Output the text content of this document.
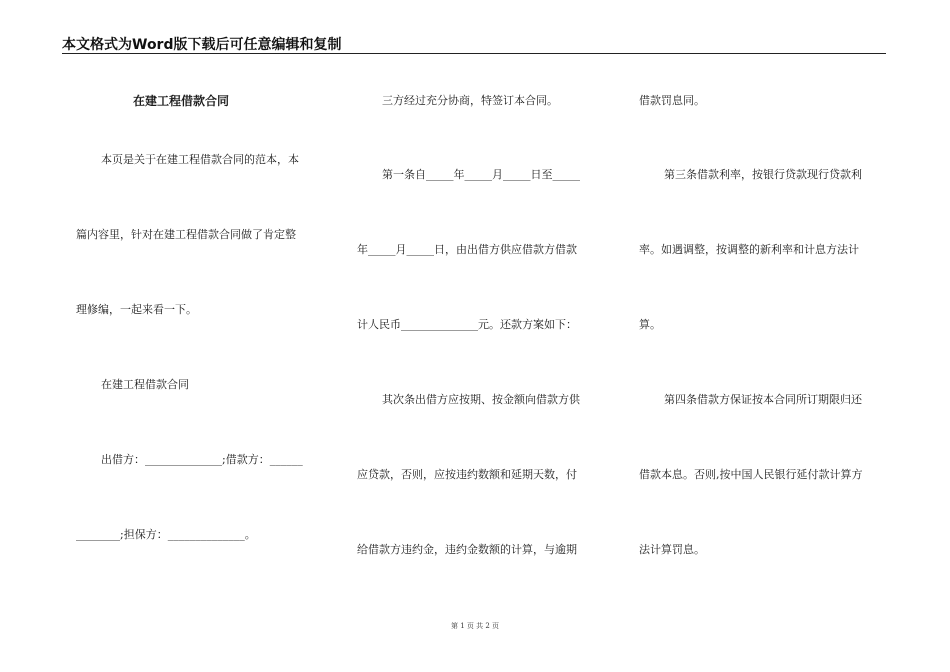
本文格式为Word版下载后可任意编辑和复制
在建工程借款合同
本页是关于在建工程借款合同的范本，本
篇内容里，针对在建工程借款合同做了肯定整
理修编，一起来看一下。
在建工程借款合同
出借方：______________;借款方：______
________;担保方：______________。
三方经过充分协商，特签订本合同。
第一条自_____年_____月_____日至_____
年_____月_____日，由出借方供应借款方借款
计人民币______________元。还款方案如下：
其次条出借方应按期、按金额向借款方供
应贷款，否则，应按违约数额和延期天数，付
给借款方违约金，违约金数额的计算，与逾期
借款罚息同。
第三条借款利率，按银行贷款现行贷款利
率。如遇调整，按调整的新利率和计息方法计
算。
第四条借款方保证按本合同所订期限归还
借款本息。否则,按中国人民银行延付款计算方
法计算罚息。
第 1 页 共 2 页
